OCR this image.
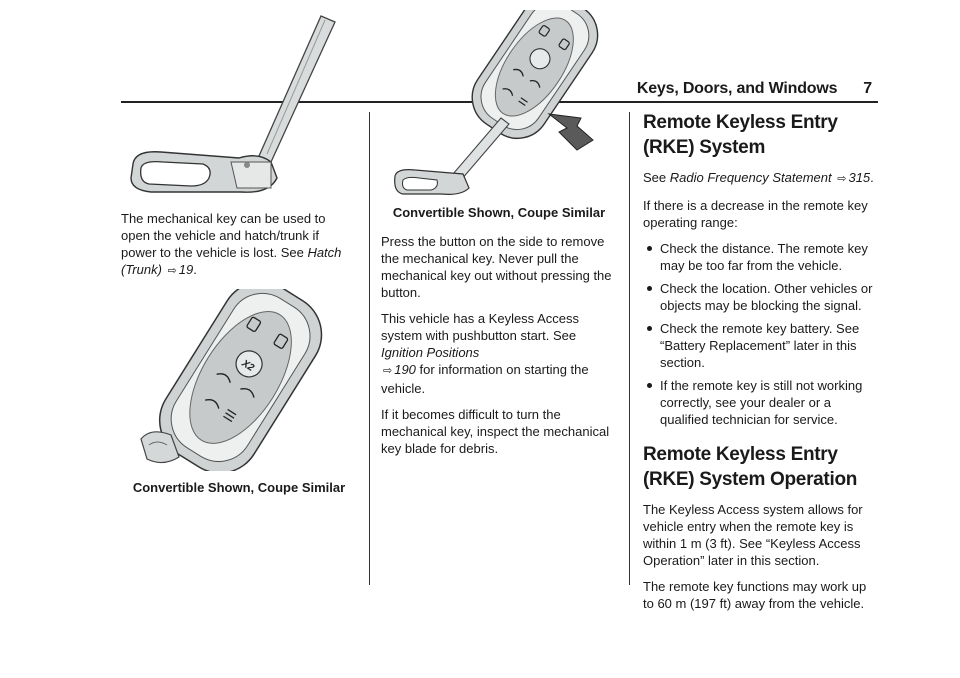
Keys, Doors, and Windows 7

The mechanical key can be used to open the vehicle and hatch/trunk if power to the vehicle is lost. See Hatch (Trunk) ⇨ 19.

X2
Convertible Shown, Coupe Similar
Convertible Shown, Coupe Similar

Press the button on the side to remove the mechanical key. Never pull the mechanical key out without pressing the button.

This vehicle has a Keyless Access system with pushbutton start. See Ignition Positions
⇨ 190 for information on starting the vehicle.

If it becomes difficult to turn the mechanical key, inspect the mechanical key blade for debris.

Remote Keyless Entry (RKE) System

See Radio Frequency Statement ⇨ 315.

If there is a decrease in the remote key operating range:

Check the distance. The remote key may be too far from the vehicle.
Check the location. Other vehicles or objects may be blocking the signal.
Check the remote key battery. See “Battery Replacement” later in this section.
If the remote key is still not working correctly, see your dealer or a qualified technician for service.
Remote Keyless Entry (RKE) System Operation

The Keyless Access system allows for vehicle entry when the remote key is within 1 m (3 ft). See “Keyless Access Operation” later in this section.

The remote key functions may work up to 60 m (197 ft) away from the vehicle.
